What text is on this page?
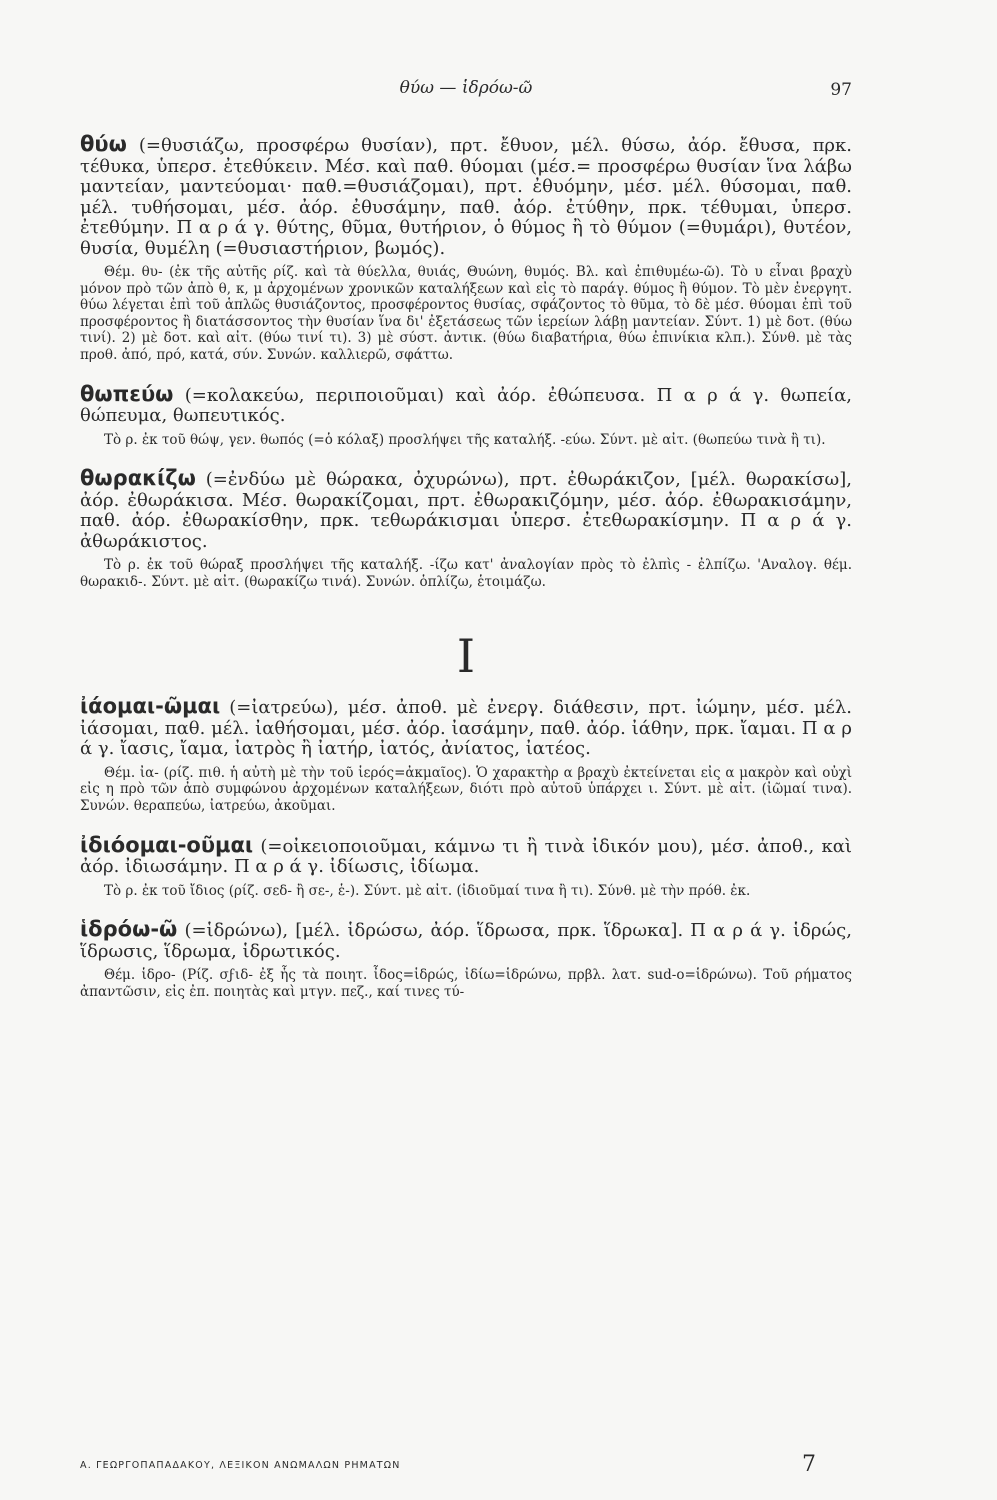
θύω — ἱδρόω-ῶ	97

θύω (=θυσιάζω, προσφέρω θυσίαν), πρτ. ἔθυον, μέλ. θύσω, ἀόρ. ἔθυσα, πρκ. τέθυκα, ὑπερσ. ἐτεθύκειν. Μέσ. καὶ παθ. θύομαι (μέσ.= προσφέρω θυσίαν ἵνα λάβω μαντείαν, μαντεύομαι· παθ.=θυσιάζομαι), πρτ. ἐθυόμην, μέσ. μέλ. θύσομαι, παθ. μέλ. τυθήσομαι, μέσ. ἀόρ. ἐθυσάμην, παθ. ἀόρ. ἐτύθην, πρκ. τέθυμαι, ὑπερσ. ἐτεθύμην. Π α ρ ά γ. θύτης, θῦμα, θυτήριον, ὁ θύμος ἢ τὸ θύμον (=θυμάρι), θυτέον, θυσία, θυμέλη (=θυσιαστήριον, βωμός).

Θέμ. θυ- (ἐκ τῆς αὐτῆς ρίζ. καὶ τὰ θύελλα, θυιάς, Θυώνη, θυμός. Βλ. καὶ ἐπιθυμέω-ῶ). Τὸ υ εἶναι βραχὺ μόνον πρὸ τῶν ἀπὸ θ, κ, μ ἀρχομένων χρονικῶν καταλήξεων καὶ εἰς τὸ παράγ. θύμος ἢ θύμον. Τὸ μὲν ἐνεργητ. θύω λέγεται ἐπὶ τοῦ ἁπλῶς θυσιάζοντος, προσφέροντος θυσίας, σφάζοντος τὸ θῦμα, τὸ δὲ μέσ. θύομαι ἐπὶ τοῦ προσφέροντος ἢ διατάσσοντος τὴν θυσίαν ἵνα δι' ἐξετάσεως τῶν ἱερείων λάβῃ μαντείαν. Σύντ. 1) μὲ δοτ. (θύω τινί). 2) μὲ δοτ. καὶ αἰτ. (θύω τινί τι). 3) μὲ σύστ. ἀντικ. (θύω διαβατήρια, θύω ἐπινίκια κλπ.). Σύνθ. μὲ τὰς προθ. ἀπό, πρό, κατά, σύν. Συνών. καλλιερῶ, σφάττω.

θωπεύω (=κολακεύω, περιποιοῦμαι) καὶ ἀόρ. ἐθώπευσα. Π α ρ ά γ. θωπεία, θώπευμα, θωπευτικός.

Τὸ ρ. ἐκ τοῦ θώψ, γεν. θωπός (=ὁ κόλαξ) προσλήψει τῆς καταλήξ. -εύω. Σύντ. μὲ αἰτ. (θωπεύω τινὰ ἢ τι).

θωρακίζω (=ἐνδύω μὲ θώρακα, ὀχυρώνω), πρτ. ἐθωράκιζον, [μέλ. θωρακίσω], ἀόρ. ἐθωράκισα. Μέσ. θωρακίζομαι, πρτ. ἐθωρακιζόμην, μέσ. ἀόρ. ἐθωρακισάμην, παθ. ἀόρ. ἐθωρακίσθην, πρκ. τεθωράκισμαι ὑπερσ. ἐτεθωρακίσμην. Π α ρ ά γ. ἀθωράκιστος.

Τὸ ρ. ἐκ τοῦ θώραξ προσλήψει τῆς καταλήξ. -ίζω κατ' ἀναλογίαν πρὸς τὸ ἐλπὶς - ἐλπίζω. 'Αναλογ. θέμ. θωρακιδ-. Σύντ. μὲ αἰτ. (θωρακίζω τινά). Συνών. ὁπλίζω, ἑτοιμάζω.

Ι

ἰάομαι-ῶμαι (=ἰατρεύω), μέσ. ἀποθ. μὲ ἐνεργ. διάθεσιν, πρτ. ἰώμην, μέσ. μέλ. ἰάσομαι, παθ. μέλ. ἰαθήσομαι, μέσ. ἀόρ. ἰασάμην, παθ. ἀόρ. ἰάθην, πρκ. ἴαμαι. Π α ρ ά γ. ἴασις, ἴαμα, ἰατρὸς ἢ ἰατήρ, ἰατός, ἀνίατος, ἰατέος.

Θέμ. ἰα- (ρίζ. πιθ. ἡ αὐτὴ μὲ τὴν τοῦ ἱερός=ἀκμαῖος). Ὁ χαρακτὴρ α βραχὺ ἐκτείνεται εἰς α μακρὸν καὶ οὐχὶ εἰς η πρὸ τῶν ἀπὸ συμφώνου ἀρχομένων καταλήξεων, διότι πρὸ αὐτοῦ ὑπάρχει ι. Σύντ. μὲ αἰτ. (ἰῶμαί τινα). Συνών. θεραπεύω, ἰατρεύω, ἀκοῦμαι.

ἰδιόομαι-οῦμαι (=οἰκειοποιοῦμαι, κάμνω τι ἢ τινὰ ἰδικόν μου), μέσ. ἀποθ., καὶ ἀόρ. ἰδιωσάμην. Π α ρ ά γ. ἰδίωσις, ἰδίωμα.

Τὸ ρ. ἐκ τοῦ ἴδιος (ρίζ. σεδ- ἢ σε-, ἑ-). Σύντ. μὲ αἰτ. (ἰδιοῦμαί τινα ἢ τι). Σύνθ. μὲ τὴν πρόθ. ἐκ.

ἱδρόω-ῶ (=ἱδρώνω), [μέλ. ἱδρώσω, ἀόρ. ἵδρωσα, πρκ. ἵδρωκα]. Π α ρ ά γ. ἱδρώς, ἵδρωσις, ἵδρωμα, ἱδρωτικός.

Θέμ. ἱδρο- (Ρίζ. σϝιδ- ἐξ ἧς τὰ ποιητ. ἶδος=ἱδρώς, ἰδίω=ἱδρώνω, πρβλ. λατ. sud-o=ἱδρώνω). Τοῦ ρήματος ἀπαντῶσιν, εἰς ἐπ. ποιητὰς καὶ μτγν. πεζ., καί τινες τύ-

Α. ΓΕΩΡΓΟΠΑΠΑΔΑΚΟΥ, ΛΕΞΙΚΟΝ ΑΝΩΜΑΛΩΝ ΡΗΜΑΤΩΝ	7
